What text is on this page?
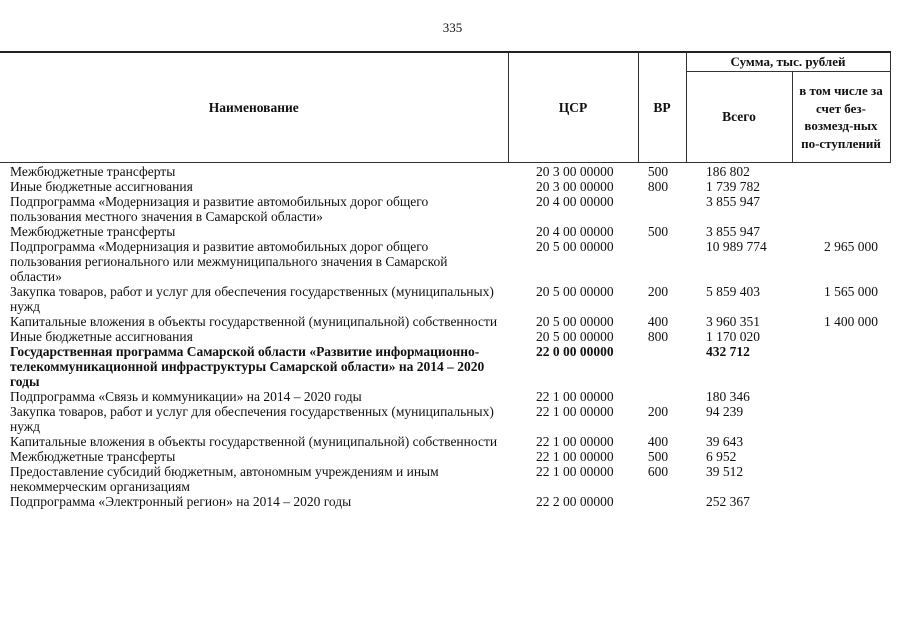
335
Наименование	ЦСР	ВР	Сумма, тыс. рублей	
			Всего	в том числе за счет без-возмезд-ных по-ступлений
Межбюджетные трансферты	20 3 00 00000	500	186 802	
Иные бюджетные ассигнования	20 3 00 00000	800	1 739 782	
Подпрограмма «Модернизация и развитие автомобильных дорог общего пользования местного значения в Самарской области»	20 4 00 00000		3 855 947	
Межбюджетные трансферты	20 4 00 00000	500	3 855 947	
Подпрограмма «Модернизация и развитие автомобильных дорог общего пользования регионального или межмуниципального значения в Самарской области»	20 5 00 00000		10 989 774	2 965 000
Закупка товаров, работ и услуг для обеспечения государственных (муниципальных) нужд	20 5 00 00000	200	5 859 403	1 565 000
Капитальные вложения в объекты государственной (муниципальной) собственности	20 5 00 00000	400	3 960 351	1 400 000
Иные бюджетные ассигнования	20 5 00 00000	800	1 170 020	
Государственная программа Самарской области «Развитие информационно-телекоммуникационной инфраструктуры Самарской области» на 2014 – 2020 годы	22 0 00 00000		432 712	
Подпрограмма «Связь и коммуникации» на 2014 – 2020 годы	22 1 00 00000		180 346	
Закупка товаров, работ и услуг для обеспечения государственных (муниципальных) нужд	22 1 00 00000	200	94 239	
Капитальные вложения в объекты государственной (муниципальной) собственности	22 1 00 00000	400	39 643	
Межбюджетные трансферты	22 1 00 00000	500	6 952	
Предоставление субсидий бюджетным, автономным учреждениям и иным некоммерческим организациям	22 1 00 00000	600	39 512	
Подпрограмма «Электронный регион» на 2014 – 2020 годы	22 2 00 00000		252 367	
